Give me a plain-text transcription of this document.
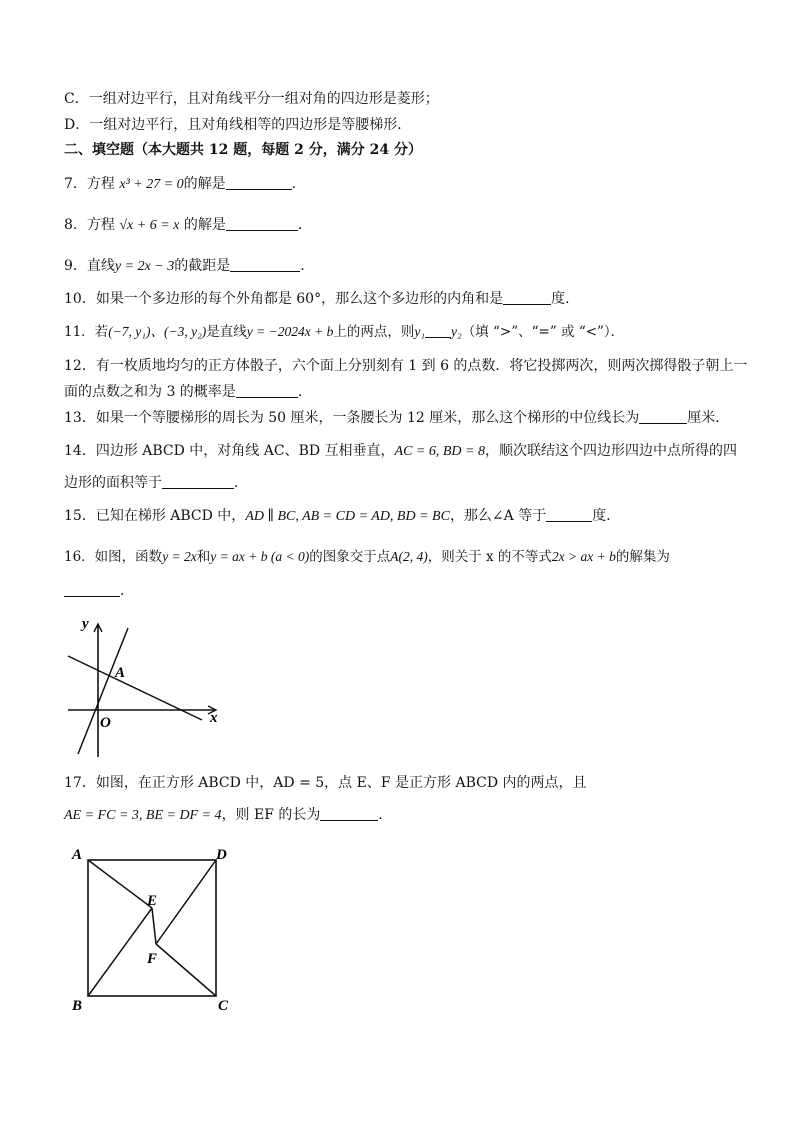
C．一组对边平行，且对角线平分一组对角的四边形是菱形；
D．一组对边平行，且对角线相等的四边形是等腰梯形．
二、填空题（本大题共 12 题，每题 2 分，满分 24 分）
7．方程 x³ + 27 = 0的解是	．
8．方程 √x + 6 = x 的解是	．
9．直线y = 2x − 3的截距是	．
10．如果一个多边形的每个外角都是 60°，那么这个多边形的内角和是	度．
11．若(−7, y₁)、(−3, y₂)是直线y = −2024x + b上的两点，则y₁ y₂（填 “>”、“=” 或 “<”）．
12．有一枚质地均匀的正方体骰子，六个面上分别刻有 1 到 6 的点数．将它投掷两次，则两次掷得骰子朝上一
面的点数之和为 3 的概率是	．
13．如果一个等腰梯形的周长为 50 厘米，一条腰长为 12 厘米，那么这个梯形的中位线长为	厘米．
14．四边形 ABCD 中，对角线 AC、BD 互相垂直，AC = 6, BD = 8，顺次联结这个四边形四边中点所得的四
边形的面积等于	．
15．已知在梯形 ABCD 中，AD ∥ BC, AB = CD = AD, BD = BC，那么∠A 等于	度．
16．如图，函数y = 2x和y = ax + b (a < 0)的图象交于点A(2, 4)，则关于 x 的不等式2x > ax + b的解集为
．
y
x
O
A
17．如图，在正方形 ABCD 中，AD = 5，点 E、F 是正方形 ABCD 内的两点，且
AE = FC = 3, BE = DF = 4，则 EF 的长为	．
A	D
B	C
E
F
